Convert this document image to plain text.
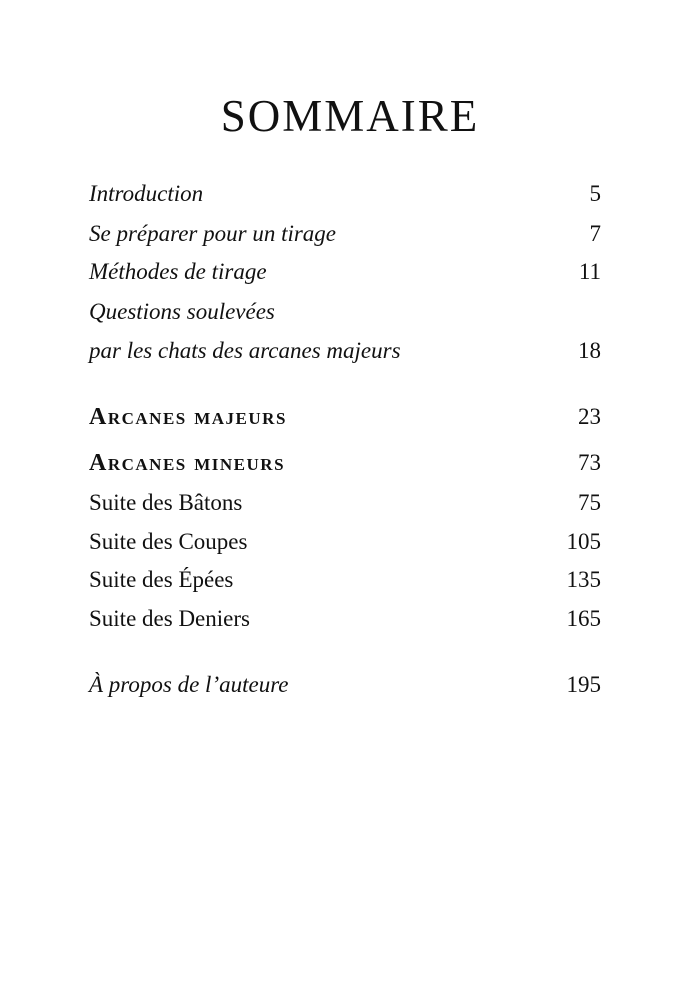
SOMMAIRE
Introduction	5
Se préparer pour un tirage	7
Méthodes de tirage	11
Questions soulevées
par les chats des arcanes majeurs	18
Arcanes majeurs	23
Arcanes mineurs	73
Suite des Bâtons	75
Suite des Coupes	105
Suite des Épées	135
Suite des Deniers	165
À propos de l’auteure	195
